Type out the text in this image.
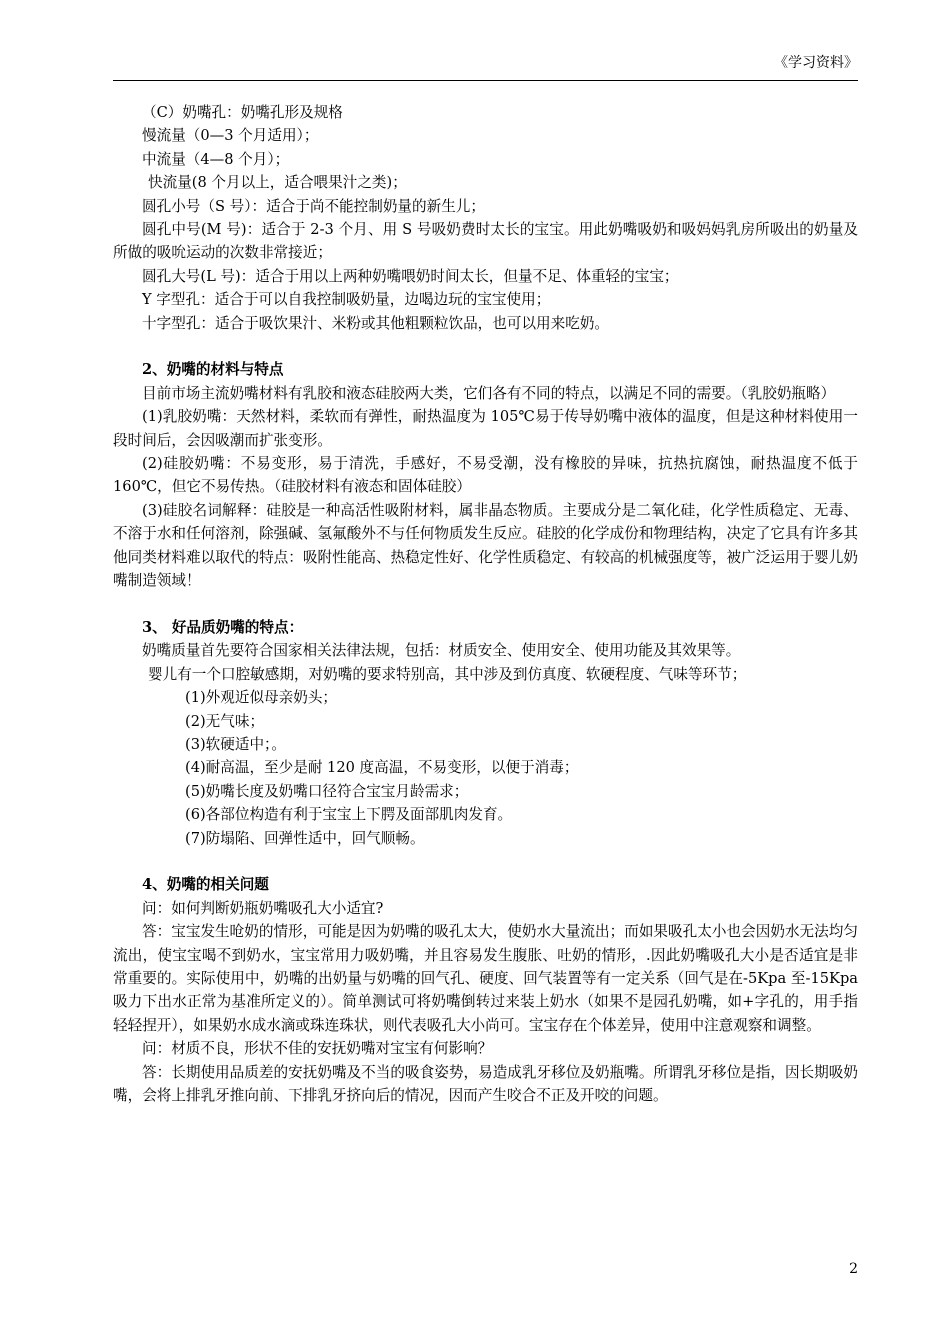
《学习资料》

（C）奶嘴孔：奶嘴孔形及规格

慢流量（0—3 个月适用）；

中流量（4—8 个月）；

快流量(8 个月以上，适合喂果汁之类)；

圆孔小号（S 号）：适合于尚不能控制奶量的新生儿；

圆孔中号(M 号)：适合于 2-3 个月、用 S 号吸奶费时太长的宝宝。用此奶嘴吸奶和吸妈妈乳房所吸出的奶量及所做的吸吮运动的次数非常接近；

圆孔大号(L 号)：适合于用以上两种奶嘴喂奶时间太长，但量不足、体重轻的宝宝；

Y 字型孔：适合于可以自我控制吸奶量，边喝边玩的宝宝使用；

十字型孔：适合于吸饮果汁、米粉或其他粗颗粒饮品，也可以用来吃奶。

2、奶嘴的材料与特点

目前市场主流奶嘴材料有乳胶和液态硅胶两大类，它们各有不同的特点，以满足不同的需要。（乳胶奶瓶略）

(1)乳胶奶嘴：天然材料，柔软而有弹性，耐热温度为 105℃易于传导奶嘴中液体的温度，但是这种材料使用一段时间后，会因吸潮而扩张变形。

(2)硅胶奶嘴：不易变形，易于清洗，手感好，不易受潮，没有橡胶的异味，抗热抗腐蚀，耐热温度不低于 160℃，但它不易传热。（硅胶材料有液态和固体硅胶）

(3)硅胶名词解释：硅胶是一种高活性吸附材料，属非晶态物质。主要成分是二氧化硅，化学性质稳定、无毒、不溶于水和任何溶剂，除强碱、氢氟酸外不与任何物质发生反应。硅胶的化学成份和物理结构，决定了它具有许多其他同类材料难以取代的特点：吸附性能高、热稳定性好、化学性质稳定、有较高的机械强度等，被广泛运用于婴儿奶嘴制造领域！

3、 好品质奶嘴的特点：

奶嘴质量首先要符合国家相关法律法规，包括：材质安全、使用安全、使用功能及其效果等。

婴儿有一个口腔敏感期，对奶嘴的要求特别高，其中涉及到仿真度、软硬程度、气味等环节；

(1)外观近似母亲奶头；

(2)无气味；

(3)软硬适中；。

(4)耐高温，至少是耐 120 度高温，不易变形，以便于消毒；

(5)奶嘴长度及奶嘴口径符合宝宝月龄需求；

(6)各部位构造有利于宝宝上下腭及面部肌肉发育。

(7)防塌陷、回弹性适中，回气顺畅。

4、奶嘴的相关问题

问：如何判断奶瓶奶嘴吸孔大小适宜?

答：宝宝发生呛奶的情形，可能是因为奶嘴的吸孔太大，使奶水大量流出；而如果吸孔太小也会因奶水无法均匀流出，使宝宝喝不到奶水，宝宝常用力吸奶嘴，并且容易发生腹胀、吐奶的情形，.因此奶嘴吸孔大小是否适宜是非常重要的。实际使用中，奶嘴的出奶量与奶嘴的回气孔、硬度、回气装置等有一定关系（回气是在-5Kpa 至-15Kpa 吸力下出水正常为基准所定义的）。简单测试可将奶嘴倒转过来装上奶水（如果不是园孔奶嘴，如+字孔的，用手指轻轻捏开），如果奶水成水滴或珠连珠状，则代表吸孔大小尚可。宝宝存在个体差异，使用中注意观察和调整。

问：材质不良，形状不佳的安抚奶嘴对宝宝有何影响？

答：长期使用品质差的安抚奶嘴及不当的吸食姿势，易造成乳牙移位及奶瓶嘴。所谓乳牙移位是指，因长期吸奶嘴，会将上排乳牙推向前、下排乳牙挤向后的情况，因而产生咬合不正及开咬的问题。

2
